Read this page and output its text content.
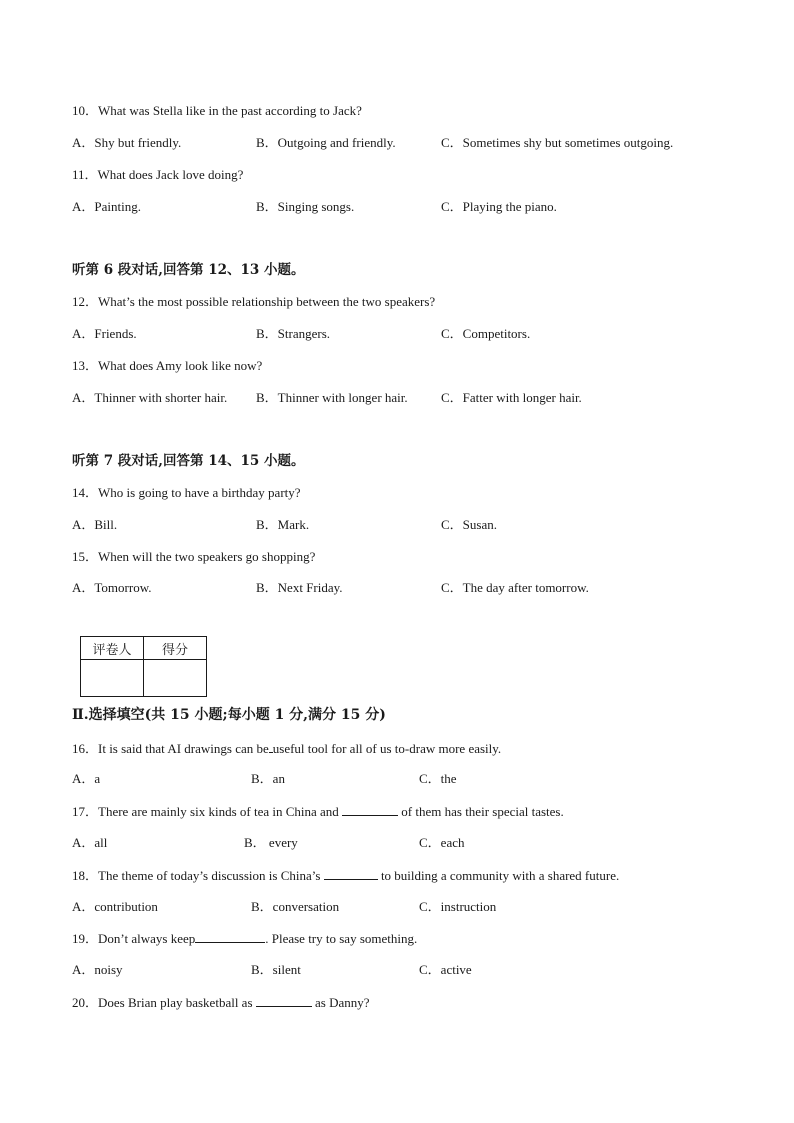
10．What was Stella like in the past according to Jack?
A．Shy but friendly.	B．Outgoing and friendly.	C．Sometimes shy but sometimes outgoing.
11．What does Jack love doing?
A．Painting.	B．Singing songs.	C．Playing the piano.
听第 6 段对话,回答第 12、13 小题。
12．What’s the most possible relationship between the two speakers?
A．Friends.	B．Strangers.	C．Competitors.
13．What does Amy look like now?
A．Thinner with shorter hair. B．Thinner with longer hair.	C．Fatter with longer hair.
听第 7 段对话,回答第 14、15 小题。
14．Who is going to have a birthday party?
A．Bill.	B．Mark.	C．Susan.
15．When will the two speakers go shopping?
A．Tomorrow.	B．Next Friday.	C．The day after tomorrow.
评卷人	得分

Ⅱ.选择填空(共 15 小题;每小题 1 分,满分 15 分)
16．It is said that AI drawings can be useful tool for all of us to-draw more easily.
A．a	B．an	C．the
17．There are mainly six kinds of tea in China and	of them has their special tastes.
A．all	B． every	C．each
18．The theme of today’s discussion is China’s	to building a community with a shared future.
A．contribution	B．conversation	C．instruction
19．Don’t always keep	. Please try to say something.
A．noisy	B．silent	C．active
20．Does Brian play basketball as	as Danny?
